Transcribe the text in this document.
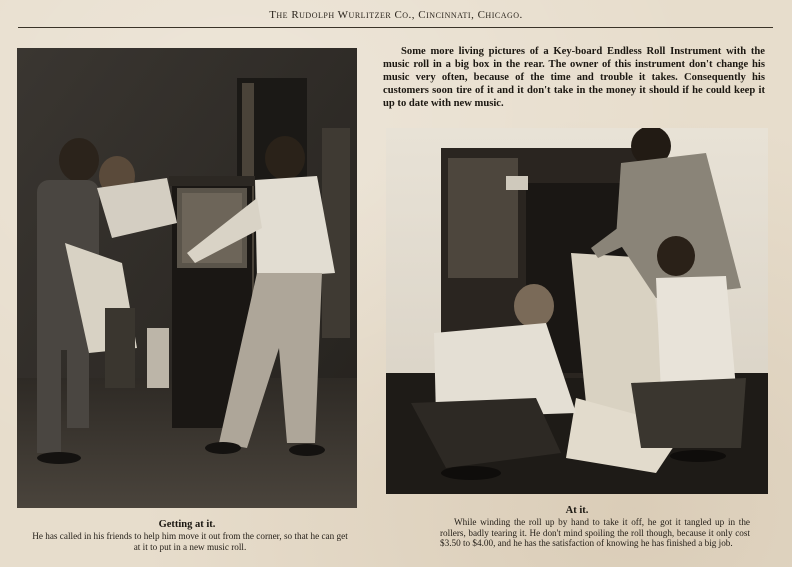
The Rudolph Wurlitzer Co., Cincinnati, Chicago.
Some more living pictures of a Key-board Endless Roll Instrument with the music roll in a big box in the rear. The owner of this instrument don't change his music very often, because of the time and trouble it takes. Consequently his customers soon tire of it and it don't take in the money it should if he could keep it up to date with new music.
Getting at it.
He has called in his friends to help him move it out from the corner, so that he can get at it to put in a new music roll.
At it.
While winding the roll up by hand to take it off, he got it tangled up in the rollers, badly tearing it. He don't mind spoiling the roll though, because it only cost $3.50 to $4.00, and he has the satisfaction of knowing he has finished a big job.
